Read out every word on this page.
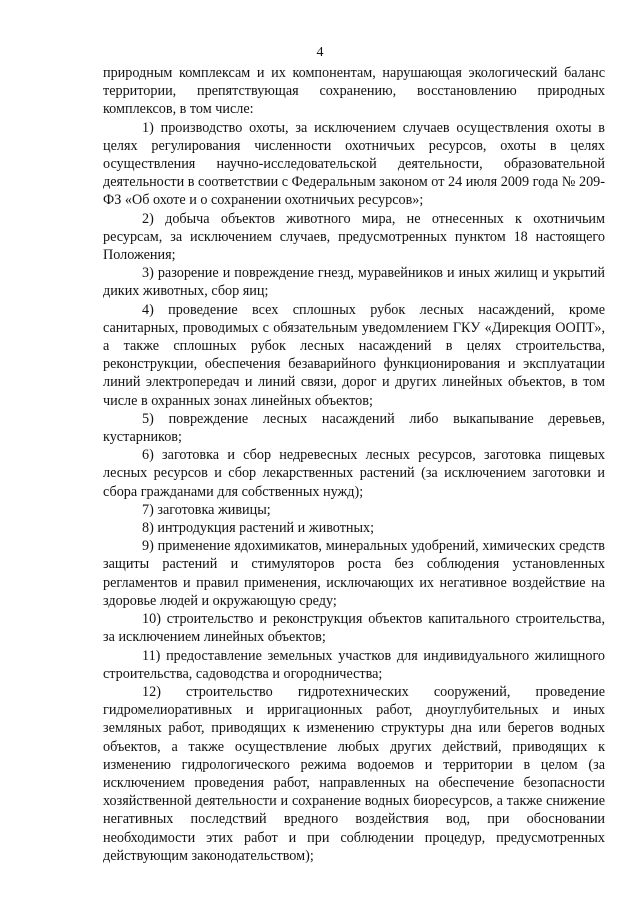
4

природным комплексам и их компонентам, нарушающая экологический баланс территории, препятствующая сохранению, восстановлению природных комплексов, в том числе:

1) производство охоты, за исключением случаев осуществления охоты в целях регулирования численности охотничьих ресурсов, охоты в целях осуществления научно-исследовательской деятельности, образовательной деятельности в соответствии с Федеральным законом от 24 июля 2009 года № 209-ФЗ «Об охоте и о сохранении охотничьих ресурсов»;

2) добыча объектов животного мира, не отнесенных к охотничьим ресурсам, за исключением случаев, предусмотренных пунктом 18 настоящего Положения;

3) разорение и повреждение гнезд, муравейников и иных жилищ и укрытий диких животных, сбор яиц;

4) проведение всех сплошных рубок лесных насаждений, кроме санитарных, проводимых с обязательным уведомлением ГКУ «Дирекция ООПТ», а также сплошных рубок лесных насаждений в целях строительства, реконструкции, обеспечения безаварийного функционирования и эксплуатации линий электропередач и линий связи, дорог и других линейных объектов, в том числе в охранных зонах линейных объектов;

5) повреждение лесных насаждений либо выкапывание деревьев, кустарников;

6) заготовка и сбор недревесных лесных ресурсов, заготовка пищевых лесных ресурсов и сбор лекарственных растений (за исключением заготовки и сбора гражданами для собственных нужд);

7) заготовка живицы;

8) интродукция растений и животных;

9) применение ядохимикатов, минеральных удобрений, химических средств защиты растений и стимуляторов роста без соблюдения установленных регламентов и правил применения, исключающих их негативное воздействие на здоровье людей и окружающую среду;

10) строительство и реконструкция объектов капитального строительства, за исключением линейных объектов;

11) предоставление земельных участков для индивидуального жилищного строительства, садоводства и огородничества;

12) строительство гидротехнических сооружений, проведение гидромелиоративных и ирригационных работ, дноуглубительных и иных земляных работ, приводящих к изменению структуры дна или берегов водных объектов, а также осуществление любых других действий, приводящих к изменению гидрологического режима водоемов и территории в целом (за исключением проведения работ, направленных на обеспечение безопасности хозяйственной деятельности и сохранение водных биоресурсов, а также снижение негативных последствий вредного воздействия вод, при обосновании необходимости этих работ и при соблюдении процедур, предусмотренных действующим законодательством);
